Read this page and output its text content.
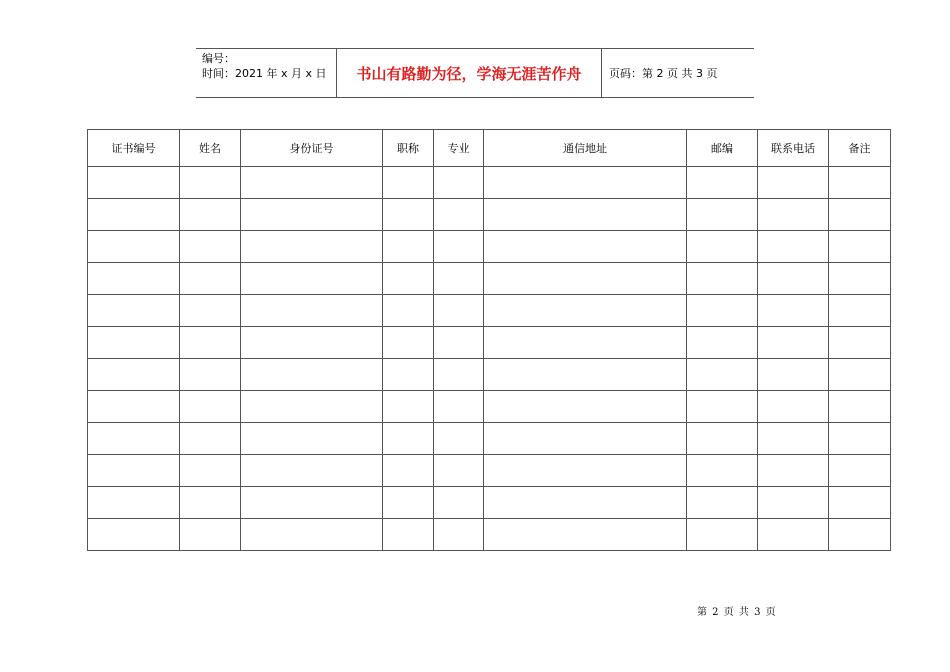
编号：
时间：2021 年 x 月 x 日	书山有路勤为径，学海无涯苦作舟	页码：第 2 页 共 3 页
证书编号	姓名	身份证号	职称	专业	通信地址	邮编	联系电话	备注

第 2 页 共 3 页
